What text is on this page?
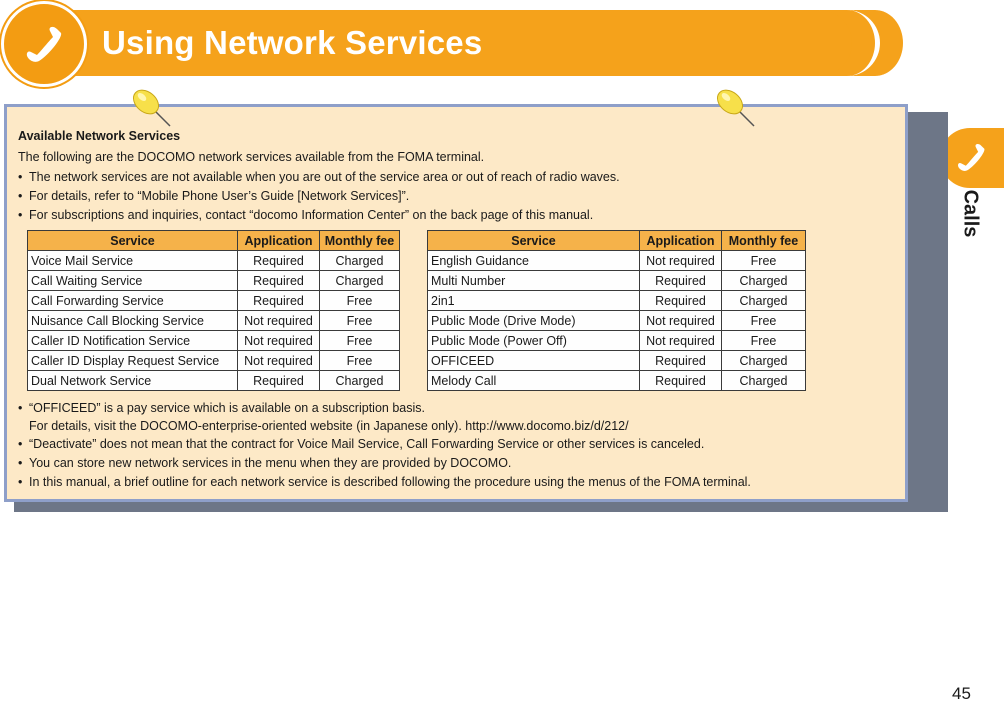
Using Network Services
Calls
Available Network Services
The following are the DOCOMO network services available from the FOMA terminal.
• The network services are not available when you are out of the service area or out of reach of radio waves.
• For details, refer to “Mobile Phone User’s Guide [Network Services]”.
• For subscriptions and inquiries, contact “docomo Information Center” on the back page of this manual.
Service	Application	Monthly fee
Voice Mail Service	Required	Charged
Call Waiting Service	Required	Charged
Call Forwarding Service	Required	Free
Nuisance Call Blocking Service	Not required	Free
Caller ID Notification Service	Not required	Free
Caller ID Display Request Service	Not required	Free
Dual Network Service	Required	Charged
Service	Application	Monthly fee
English Guidance	Not required	Free
Multi Number	Required	Charged
2in1	Required	Charged
Public Mode (Drive Mode)	Not required	Free
Public Mode (Power Off)	Not required	Free
OFFICEED	Required	Charged
Melody Call	Required	Charged
• “OFFICEED” is a pay service which is available on a subscription basis.
For details, visit the DOCOMO-enterprise-oriented website (in Japanese only). http://www.docomo.biz/d/212/
• “Deactivate” does not mean that the contract for Voice Mail Service, Call Forwarding Service or other services is canceled.
• You can store new network services in the menu when they are provided by DOCOMO.
• In this manual, a brief outline for each network service is described following the procedure using the menus of the FOMA terminal.
45
